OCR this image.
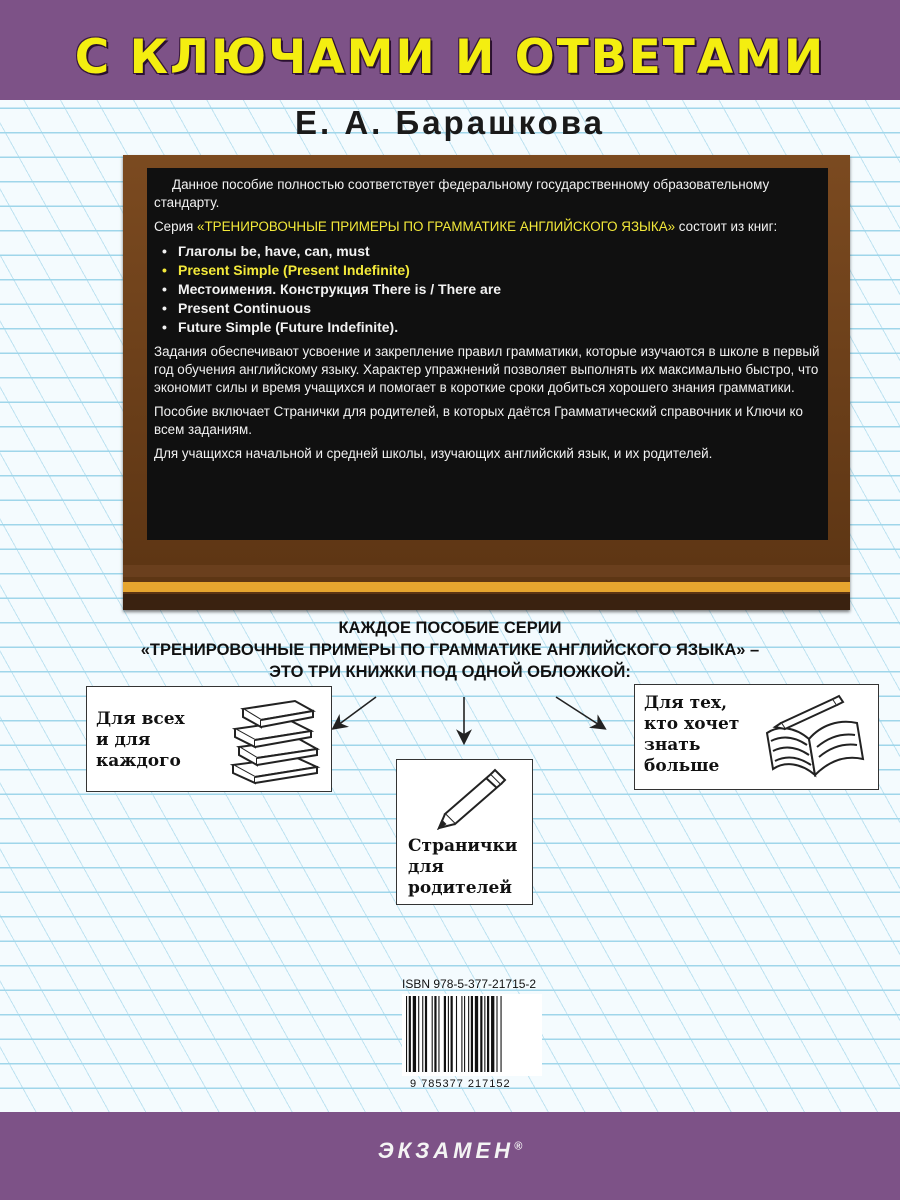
С КЛЮЧАМИ И ОТВЕТАМИ
Е. А. Барашкова

Данное пособие полностью соответствует федеральному государственному образовательному стандарту.

Серия «ТРЕНИРОВОЧНЫЕ ПРИМЕРЫ ПО ГРАММАТИКЕ АНГЛИЙСКОГО ЯЗЫКА» состоит из книг:

• Глаголы be, have, can, must
• Present Simple (Present Indefinite)
• Местоимения. Конструкция There is / There are
• Present Continuous
• Future Simple (Future Indefinite).

Задания обеспечивают усвоение и закрепление правил грамматики, которые изучаются в школе в первый год обучения английскому языку. Характер упражнений позволяет выполнять их максимально быстро, что экономит силы и время учащихся и помогает в короткие сроки добиться хорошего знания грамматики.

Пособие включает Странички для родителей, в которых даётся Грамматический справочник и Ключи ко всем заданиям.

Для учащихся начальной и средней школы, изучающих английский язык, и их родителей.

КАЖДОЕ ПОСОБИЕ СЕРИИ
«ТРЕНИРОВОЧНЫЕ ПРИМЕРЫ ПО ГРАММАТИКЕ АНГЛИЙСКОГО ЯЗЫКА» –
ЭТО ТРИ КНИЖКИ ПОД ОДНОЙ ОБЛОЖКОЙ:
Для всех
и для
каждого
Странички
для
родителей
Для тех,
кто хочет
знать
больше
ISBN 978-5-377-21715-2
9 785377 217152
ЭКЗАМЕН®
